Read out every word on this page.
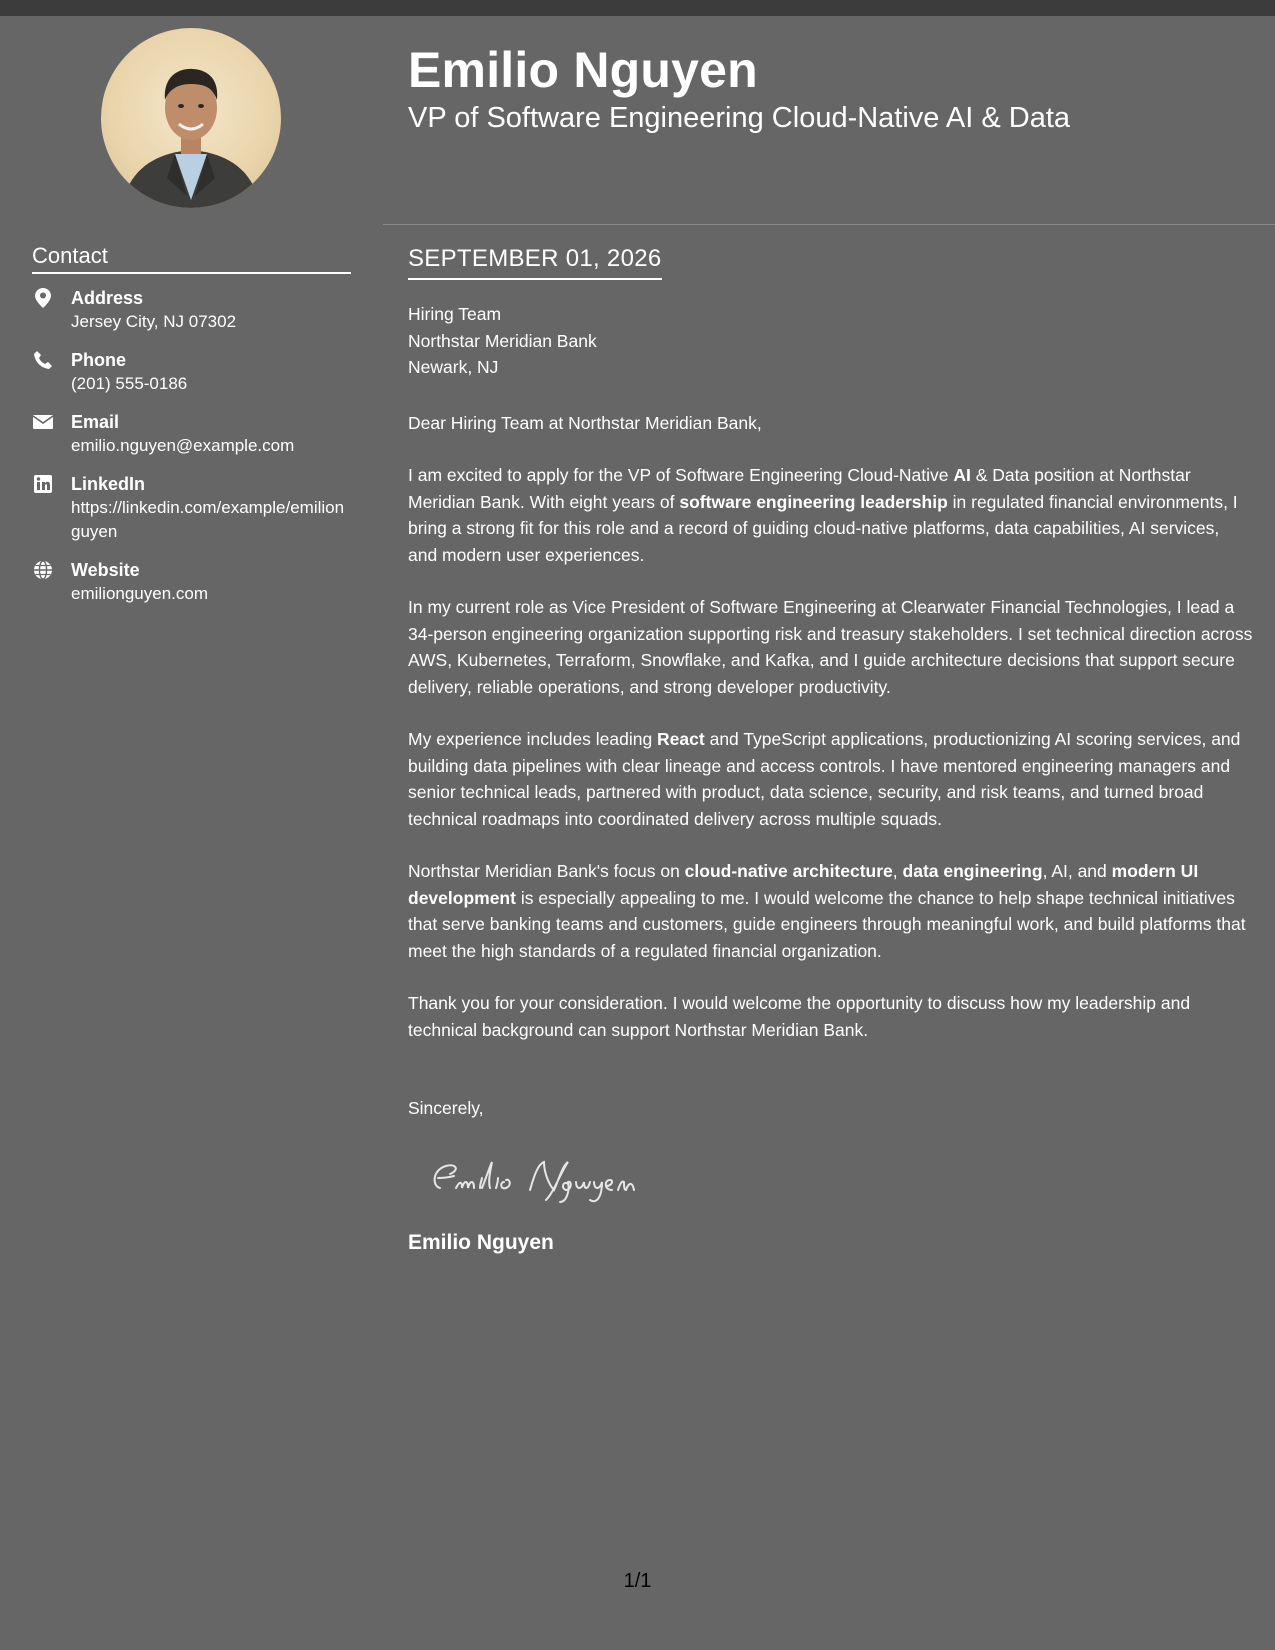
Contact
Address
Jersey City, NJ 07302
Phone
(201) 555-0186
Email
emilio.nguyen@example.com
LinkedIn
https://linkedin.com/example/emilionguyen
Website
emilionguyen.com
Emilio Nguyen
VP of Software Engineering Cloud-Native AI & Data
SEPTEMBER 01, 2026
Hiring Team
Northstar Meridian Bank
Newark, NJ

Dear Hiring Team at Northstar Meridian Bank,

I am excited to apply for the VP of Software Engineering Cloud-Native AI & Data position at Northstar Meridian Bank. With eight years of software engineering leadership in regulated financial environments, I bring a strong fit for this role and a record of guiding cloud-native platforms, data capabilities, AI services, and modern user experiences.

In my current role as Vice President of Software Engineering at Clearwater Financial Technologies, I lead a 34-person engineering organization supporting risk and treasury stakeholders. I set technical direction across AWS, Kubernetes, Terraform, Snowflake, and Kafka, and I guide architecture decisions that support secure delivery, reliable operations, and strong developer productivity.

My experience includes leading React and TypeScript applications, productionizing AI scoring services, and building data pipelines with clear lineage and access controls. I have mentored engineering managers and senior technical leads, partnered with product, data science, security, and risk teams, and turned broad technical roadmaps into coordinated delivery across multiple squads.

Northstar Meridian Bank's focus on cloud-native architecture, data engineering, AI, and modern UI development is especially appealing to me. I would welcome the chance to help shape technical initiatives that serve banking teams and customers, guide engineers through meaningful work, and build platforms that meet the high standards of a regulated financial organization.

Thank you for your consideration. I would welcome the opportunity to discuss how my leadership and technical background can support Northstar Meridian Bank.

Sincerely,

Emilio Nguyen
1/1
